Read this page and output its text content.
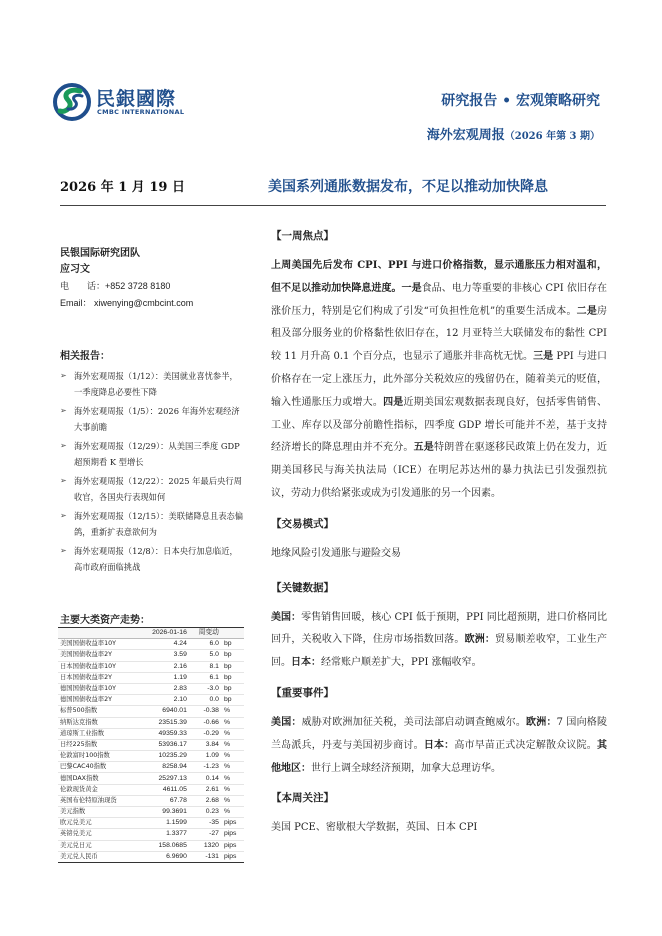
民銀國際
CMBC INTERNATIONAL
研究报告 • 宏观策略研究
海外宏观周报（2026 年第 3 期）
2026 年 1 月 19 日	美国系列通胀数据发布，不足以推动加快降息
民银国际研究团队
应习文
电　　话：+852 3728 8180
Email： xiwenying@cmbcint.com
相关报告：
➢ 海外宏观周报（1/12）：美国就业喜忧参半，一季度降息必要性下降
➢ 海外宏观周报（1/5）：2026 年海外宏观经济大事前瞻
➢ 海外宏观周报（12/29）：从美国三季度 GDP 超预期看 K 型增长
➢ 海外宏观周报（12/22）：2025 年最后央行周收官，各国央行表现如何
➢ 海外宏观周报（12/15）：美联储降息且表态偏鸽，重新扩表意欲何为
➢ 海外宏观周报（12/8）：日本央行加息临近，高市政府面临挑战
主要大类资产走势：
	2026-01-16	周变动	
美国国债收益率10Y	4.24	6.0	bp
美国国债收益率2Y	3.59	5.0	bp
日本国债收益率10Y	2.16	8.1	bp
日本国债收益率2Y	1.19	6.1	bp
德国国债收益率10Y	2.83	-3.0	bp
德国国债收益率2Y	2.10	0.0	bp
标普500指数	6940.01	-0.38	%
纳斯达克指数	23515.39	-0.66	%
道琼斯工业指数	49359.33	-0.29	%
日经225指数	53936.17	3.84	%
伦敦富时100指数	10235.29	1.09	%
巴黎CAC40指数	8258.94	-1.23	%
德国DAX指数	25297.13	0.14	%
伦敦现货黄金	4611.05	2.61	%
英国布伦特原油现货	67.78	2.68	%
美元指数	99.3691	0.23	%
欧元兑美元	1.1599	-35	pips
英镑兑美元	1.3377	-27	pips
美元兑日元	158.0685	1320	pips
美元兑人民币	6.9690	-131	pips
【一周焦点】

上周美国先后发布 CPI、PPI 与进口价格指数，显示通胀压力相对温和，但不足以推动加快降息进度。一是食品、电力等重要的非核心 CPI 依旧存在涨价压力，特别是它们构成了引发“可负担性危机”的重要生活成本。二是房租及部分服务业的价格黏性依旧存在，12 月亚特兰大联储发布的黏性 CPI 较 11 月升高 0.1 个百分点，也显示了通胀并非高枕无忧。三是 PPI 与进口价格存在一定上涨压力，此外部分关税效应的残留仍在，随着美元的贬值，输入性通胀压力或增大。四是近期美国宏观数据表现良好，包括零售销售、工业、库存以及部分前瞻性指标，四季度 GDP 增长可能并不差，基于支持经济增长的降息理由并不充分。五是特朗普在驱逐移民政策上仍在发力，近期美国移民与海关执法局（ICE）在明尼苏达州的暴力执法已引发强烈抗议，劳动力供给紧张或成为引发通胀的另一个因素。

【交易模式】

地缘风险引发通胀与避险交易

【关键数据】

美国：零售销售回暖，核心 CPI 低于预期，PPI 同比超预期，进口价格同比回升，关税收入下降，住房市场指数回落。欧洲：贸易顺差收窄，工业生产回。日本：经常账户顺差扩大，PPI 涨幅收窄。

【重要事件】

美国：威胁对欧洲加征关税，美司法部启动调查鲍威尔。欧洲：7 国向格陵兰岛派兵，丹麦与美国初步商讨。日本：高市早苗正式决定解散众议院。其他地区：世行上调全球经济预期，加拿大总理访华。

【本周关注】

美国 PCE、密歇根大学数据，英国、日本 CPI
